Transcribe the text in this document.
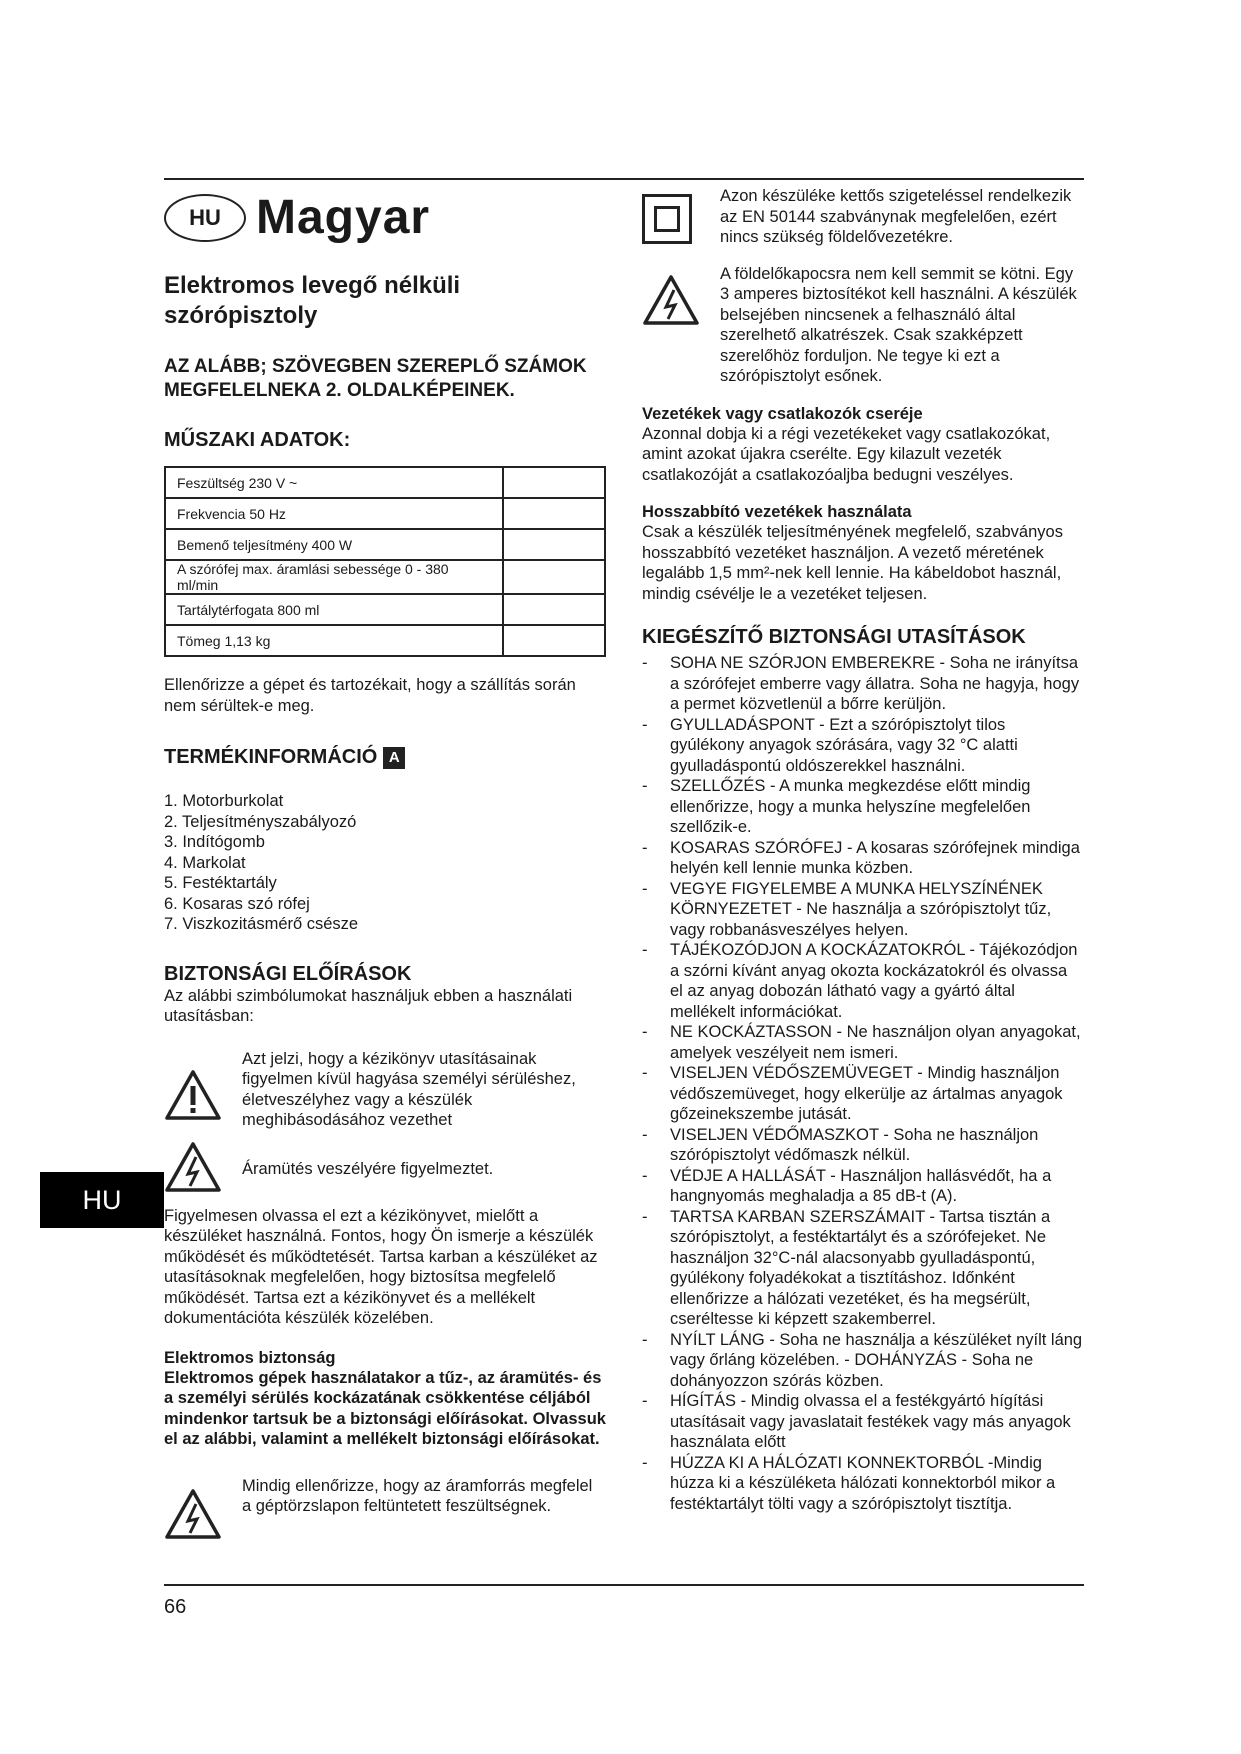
HU Magyar
Elektromos levegő nélküli szórópisztoly
AZ ALÁBB; SZÖVEGBEN SZEREPLŐ SZÁMOK MEGFELELNEKA 2. OLDALKÉPEINEK.
MŰSZAKI ADATOK:
Feszültség 230 V ~	
Frekvencia 50 Hz	
Bemenő teljesítmény 400 W	
A szórófej max. áramlási sebessége 0 - 380 ml/min	
Tartálytérfogata 800 ml	
Tömeg 1,13 kg	

Ellenőrizze a gépet és tartozékait, hogy a szállítás során nem sérültek-e meg.

TERMÉKINFORMÁCIÓ A
1. Motorburkolat
2. Teljesítményszabályozó
3. Indítógomb
4. Markolat
5. Festéktartály
6. Kosaras szó rófej
7. Viszkozitásmérő csésze
BIZTONSÁGI ELŐÍRÁSOK

Az alábbi szimbólumokat használjuk ebben a használati utasításban:

Azt jelzi, hogy a kézikönyv utasításainak figyelmen kívül hagyása személyi sérüléshez, életveszélyhez vagy a készülék meghibásodásához vezethet

Áramütés veszélyére figyelmeztet.

Figyelmesen olvassa el ezt a kézikönyvet, mielőtt a készüléket használná. Fontos, hogy Ön ismerje a készülék működését és működtetését. Tartsa karban a készüléket az utasításoknak megfelelően, hogy biztosítsa megfelelő működését. Tartsa ezt a kézikönyvet és a mellékelt dokumentációta készülék közelében.

Elektromos biztonság

Elektromos gépek használatakor a tűz-, az áramütés- és a személyi sérülés kockázatának csökkentése céljából mindenkor tartsuk be a biztonsági előírásokat. Olvassuk el az alábbi, valamint a mellékelt biztonsági előírásokat.

Mindig ellenőrizze, hogy az áramforrás megfelel a géptörzslapon feltüntetett feszültségnek.

Azon készüléke kettős szigeteléssel rendelkezik az EN 50144 szabványnak megfelelően, ezért nincs szükség földelővezetékre.

A földelőkapocsra nem kell semmit se kötni. Egy 3 amperes biztosítékot kell használni. A készülék belsejében nincsenek a felhasználó által szerelhető alkatrészek. Csak szakképzett szerelőhöz forduljon. Ne tegye ki ezt a szórópisztolyt esőnek.

Vezetékek vagy csatlakozók cseréje

Azonnal dobja ki a régi vezetékeket vagy csatlakozókat, amint azokat újakra cserélte. Egy kilazult vezeték csatlakozóját a csatlakozóaljba bedugni veszélyes.

Hosszabbító vezetékek használata

Csak a készülék teljesítményének megfelelő, szabványos hosszabbító vezetéket használjon. A vezető méretének legalább 1,5 mm²-nek kell lennie. Ha kábeldobot használ, mindig csévélje le a vezetéket teljesen.

KIEGÉSZÍTŐ BIZTONSÁGI UTASÍTÁSOK
- SOHA NE SZÓRJON EMBEREKRE - Soha ne irányítsa a szórófejet emberre vagy állatra. Soha ne hagyja, hogy a permet közvetlenül a bőrre kerüljön.
- GYULLADÁSPONT - Ezt a szórópisztolyt tilos gyúlékony anyagok szórására, vagy 32 °C alatti gyulladáspontú oldószerekkel használni.
- SZELLŐZÉS - A munka megkezdése előtt mindig ellenőrizze, hogy a munka helyszíne megfelelően szellőzik-e.
- KOSARAS SZÓRÓFEJ - A kosaras szórófejnek mindiga helyén kell lennie munka közben.
- VEGYE FIGYELEMBE A MUNKA HELYSZÍNÉNEK KÖRNYEZETET - Ne használja a szórópisztolyt tűz, vagy robbanásveszélyes helyen.
- TÁJÉKOZÓDJON A KOCKÁZATOKRÓL - Tájékozódjon a szórni kívánt anyag okozta kockázatokról és olvassa el az anyag dobozán látható vagy a gyártó által mellékelt információkat.
- NE KOCKÁZTASSON - Ne használjon olyan anyagokat, amelyek veszélyeit nem ismeri.
- VISELJEN VÉDŐSZEMÜVEGET - Mindig használjon védőszemüveget, hogy elkerülje az ártalmas anyagok gőzeinekszembe jutását.
- VISELJEN VÉDŐMASZKOT - Soha ne használjon szórópisztolyt védőmaszk nélkül.
- VÉDJE A HALLÁSÁT - Használjon hallásvédőt, ha a hangnyomás meghaladja a 85 dB-t (A).
- TARTSA KARBAN SZERSZÁMAIT - Tartsa tisztán a szórópisztolyt, a festéktartályt és a szórófejeket. Ne használjon 32°C-nál alacsonyabb gyulladáspontú, gyúlékony folyadékokat a tisztításhoz. Időnként ellenőrizze a hálózati vezetéket, és ha megsérült, cseréltesse ki képzett szakemberrel.
- NYÍLT LÁNG - Soha ne használja a készüléket nyílt láng vagy őrláng közelében. - DOHÁNYZÁS - Soha ne dohányozzon szórás közben.
- HÍGÍTÁS - Mindig olvassa el a festékgyártó hígítási utasításait vagy javaslatait festékek vagy más anyagok használata előtt
- HÚZZA KI A HÁLÓZATI KONNEKTORBÓL -Mindig húzza ki a készüléketa hálózati konnektorból mikor a festéktartályt tölti vagy a szórópisztolyt tisztítja.
HU
66
